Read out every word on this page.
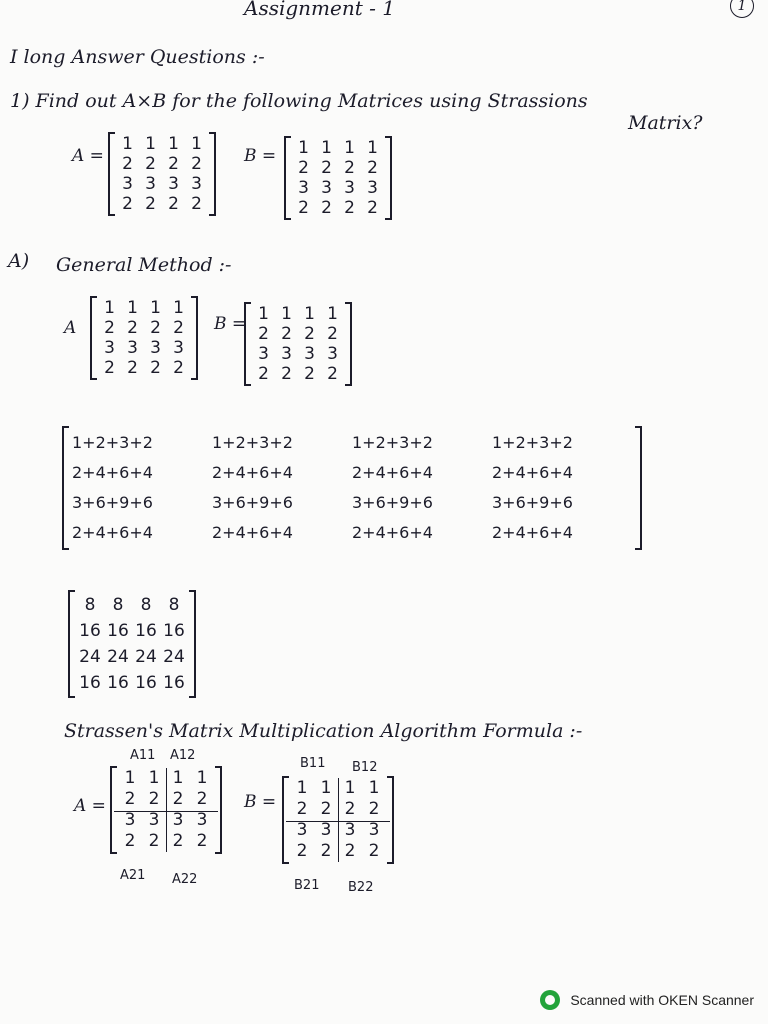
Assignment - 1	1
I long Answer Questions :-
1) Find out A×B for the following Matrices using Strassions
Matrix?
A =
1 1 1 1
2 2 2 2
3 3 3 3
2 2 2 2
B = 1 1 1 1
2 2 2 2
3 3 3 3
2 2 2 2
A) General Method :-
A
1 1 1 1
2 2 2 2
3 3 3 3
2 2 2 2
B = 1 1 1 1
2 2 2 2
3 3 3 3
2 2 2 2
1+2+3+2	1+2+3+2	1+2+3+2	1+2+3+2
2+4+6+4	2+4+6+4	2+4+6+4	2+4+6+4
3+6+9+6	3+6+9+6	3+6+9+6	3+6+9+6
2+4+6+4	2+4+6+4	2+4+6+4	2+4+6+4
8 8 8 8
16 16 16 16
24 24 24 24
16 16 16 16
Strassen's Matrix Multiplication Algorithm Formula :-
A11 A12
A =
1 1 1 1
2 2 2 2
3 3 3 3
2 2 2 2
A21 A22
B11 B12
B =
1 1 1 1
2 2 2 2
3 3 3 3
2 2 2 2
B21 B22
Scanned with OKEN Scanner
